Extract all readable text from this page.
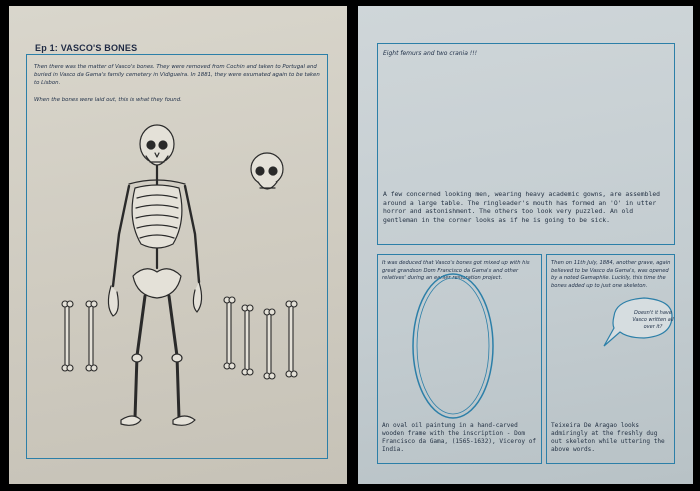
Ep 1: VASCO'S BONES
Then there was the matter of Vasco's bones. They were removed from Cochin and taken to Portugal and buried in Vasco da Gama's family cemetery in Vidigueira. In 1881, they were exumated again to be taken to Lisbon.
When the bones were laid out, this is what they found.
Eight femurs and two crania !!!
A few concerned looking men, wearing heavy academic gowns, are assembled around a large table. The ringleader's mouth has formed an 'O' in utter horror and astonishment. The others too look very puzzled. An old gentleman in the corner looks as if he is going to be sick.
It was deduced that Vasco's bones got mixed up with his great grandson Dom Francisco da Gama's and other relatives' during an earlier restoration project.
An oval oil paintung in a hand-carved wooden frame with the inscription - Dom Francisco da Gama, (1565-1632), Viceroy of India.
Then on 11th July, 1884, another grave, again believed to be Vasco da Gama's, was opened by a noted Gamaphile. Luckily, this time the bones added up to just one skeleton.
Doesn't it have Vasco written all over it?
Teixeira De Aragao looks admiringly at the freshly dug out skeleton while uttering the above words.
